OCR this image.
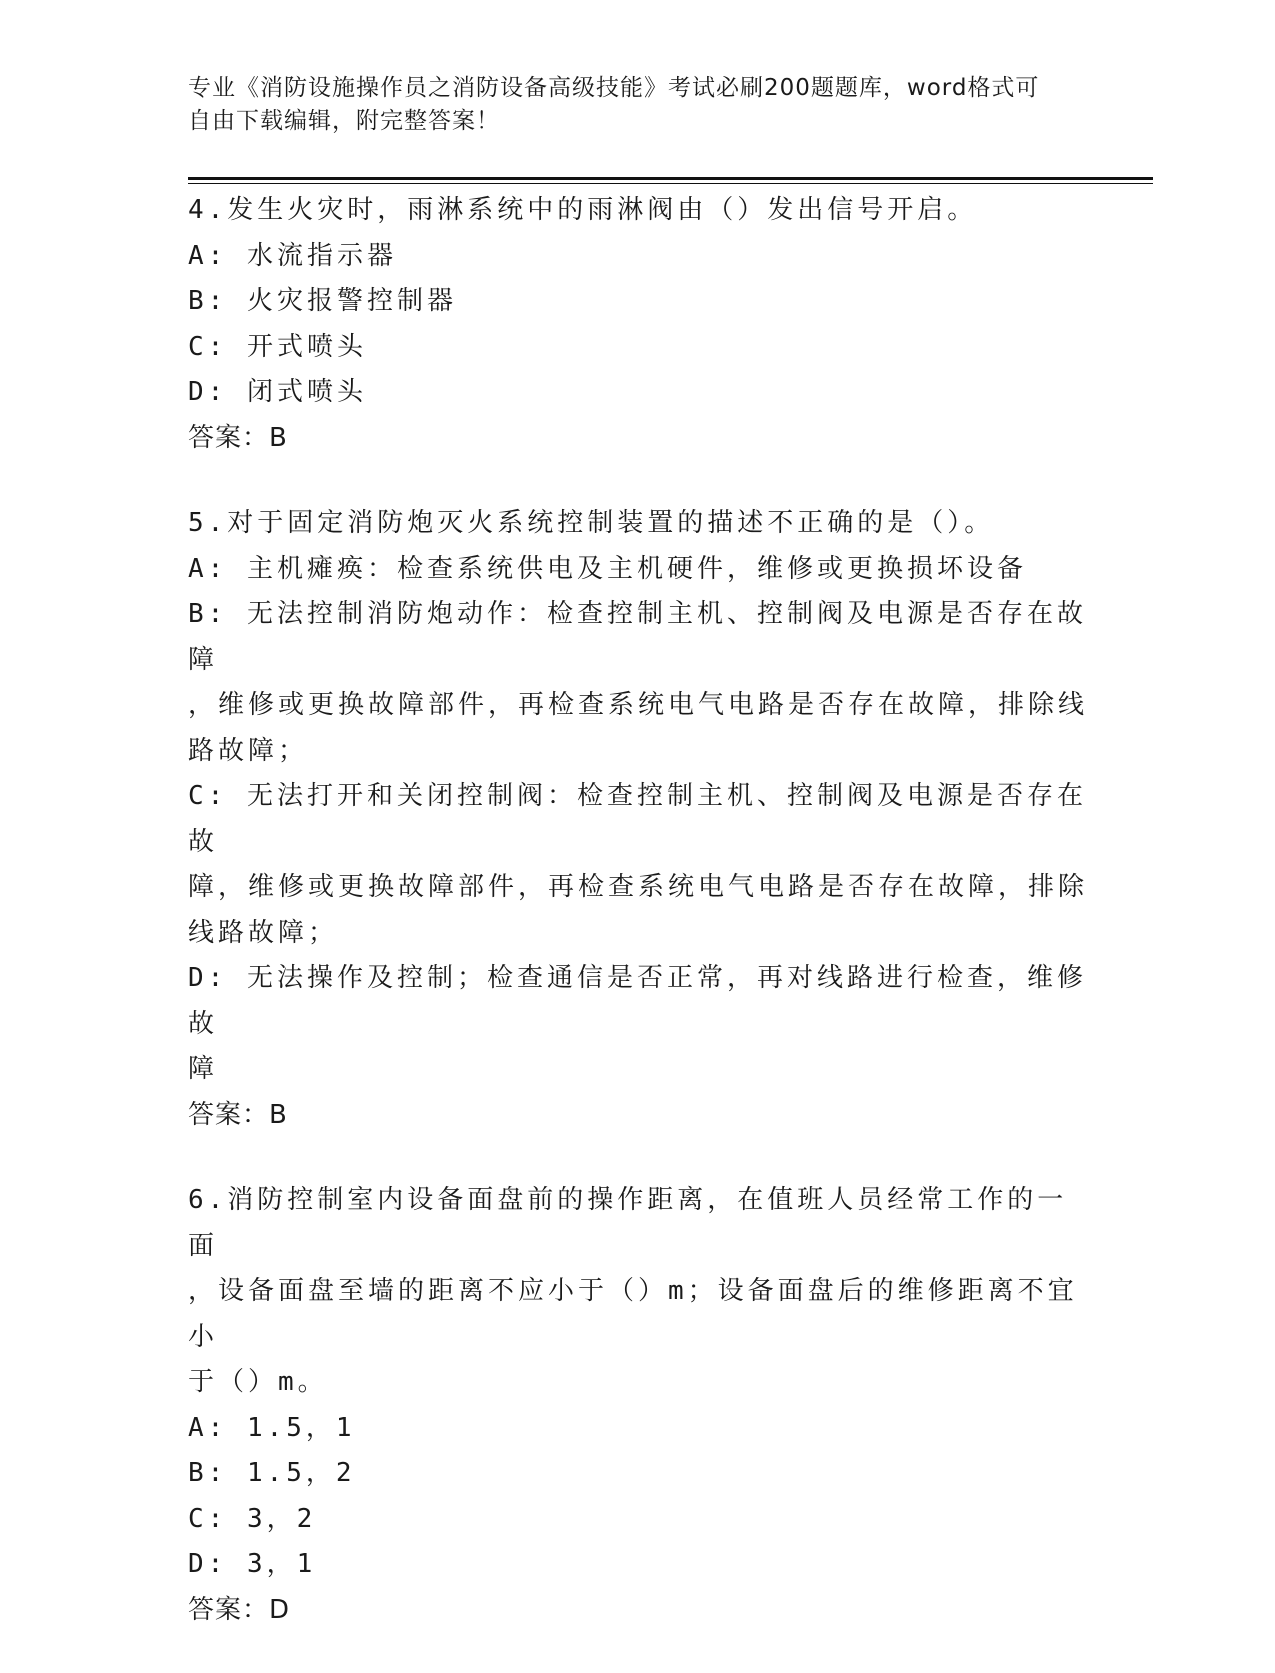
专业《消防设施操作员之消防设备高级技能》考试必刷200题题库，word格式可
自由下载编辑，附完整答案！
4.发生火灾时，雨淋系统中的雨淋阀由（）发出信号开启。
A: 水流指示器
B: 火灾报警控制器
C: 开式喷头
D: 闭式喷头
答案：B
5.对于固定消防炮灭火系统控制装置的描述不正确的是（）。
A: 主机瘫痪：检查系统供电及主机硬件，维修或更换损坏设备
B: 无法控制消防炮动作：检查控制主机、控制阀及电源是否存在故障
，维修或更换故障部件，再检查系统电气电路是否存在故障，排除线
路故障；
C: 无法打开和关闭控制阀：检查控制主机、控制阀及电源是否存在故
障，维修或更换故障部件，再检查系统电气电路是否存在故障，排除
线路故障；
D: 无法操作及控制；检查通信是否正常，再对线路进行检查，维修故
障
答案：B
6.消防控制室内设备面盘前的操作距离，在值班人员经常工作的一面
，设备面盘至墙的距离不应小于（）m；设备面盘后的维修距离不宜小
于（）m。
A: 1.5，1
B: 1.5，2
C: 3，2
D: 3，1
答案：D
